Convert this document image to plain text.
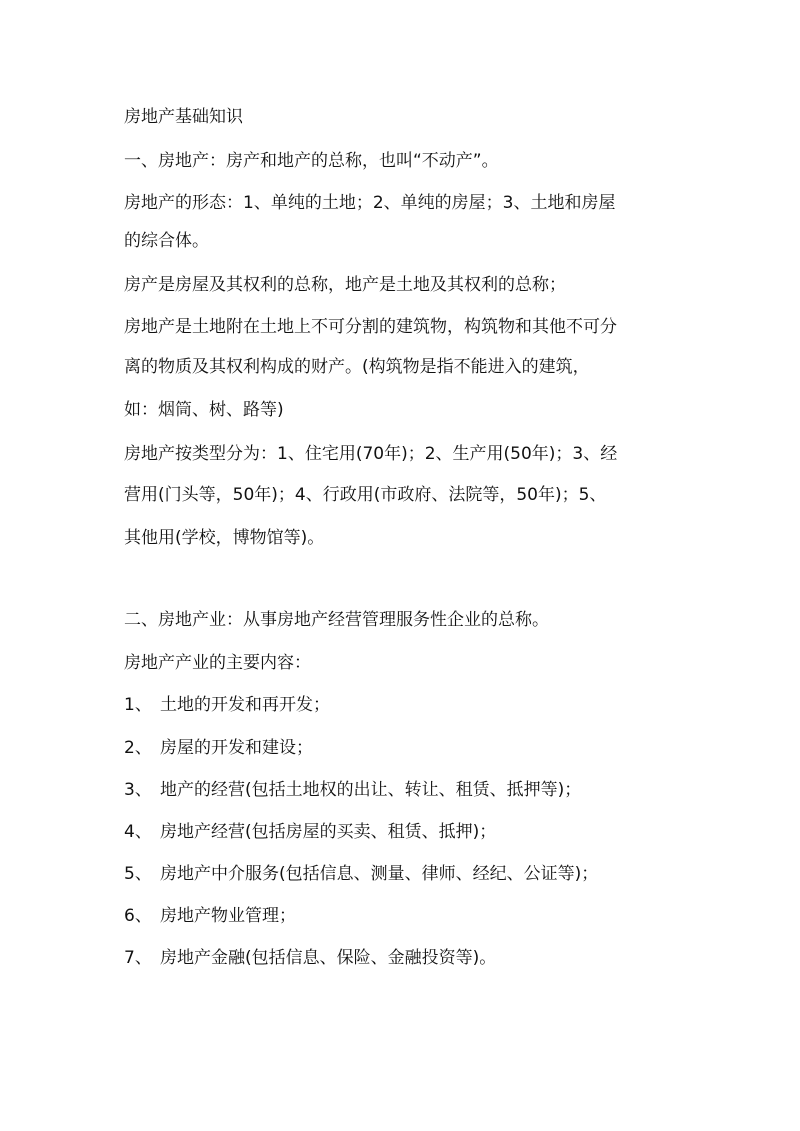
房地产基础知识
一、房地产：房产和地产的总称，也叫“不动产”。
房地产的形态：1、单纯的土地；2、单纯的房屋；3、土地和房屋
的综合体。
房产是房屋及其权利的总称，地产是土地及其权利的总称；
房地产是土地附在土地上不可分割的建筑物，构筑物和其他不可分
离的物质及其权利构成的财产。(构筑物是指不能进入的建筑，
如：烟筒、树、路等)
房地产按类型分为：1、住宅用(70年)；2、生产用(50年)；3、经
营用(门头等，50年)；4、行政用(市政府、法院等，50年)；5、
其他用(学校，博物馆等)。
二、房地产业：从事房地产经营管理服务性企业的总称。
房地产产业的主要内容：
1、 土地的开发和再开发；
2、 房屋的开发和建设；
3、 地产的经营(包括土地权的出让、转让、租赁、抵押等)；
4、 房地产经营(包括房屋的买卖、租赁、抵押)；
5、 房地产中介服务(包括信息、测量、律师、经纪、公证等)；
6、 房地产物业管理；
7、 房地产金融(包括信息、保险、金融投资等)。
